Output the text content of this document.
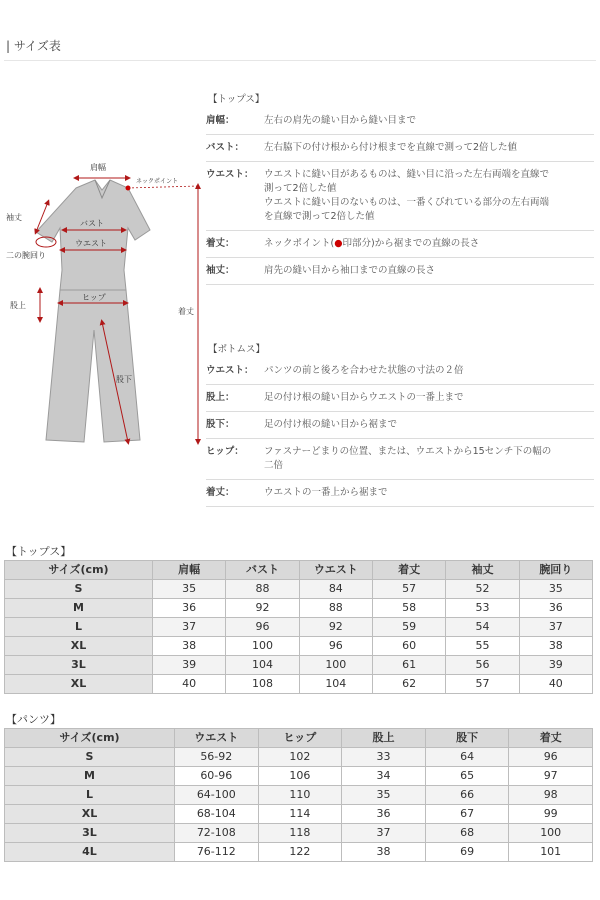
| サイズ表
肩幅
ネックポイント
袖丈
バスト
ウエスト
二の腕回り
股上
ヒップ
着丈
股下
【トップス】
肩幅：	左右の肩先の縫い目から縫い目まで
バスト：	左右脇下の付け根から付け根までを直線で測って2倍した値
ウエスト：	ウエストに縫い目があるものは、縫い目に沿った左右両端を直線で
測って2倍した値
ウエストに縫い目のないものは、一番くびれている部分の左右両端
を直線で測って2倍した値
着丈：	ネックポイント(●印部分)から裾までの直線の長さ
袖丈：	肩先の縫い目から袖口までの直線の長さ
【ボトムス】
ウエスト：	パンツの前と後ろを合わせた状態の寸法の２倍
股上：	足の付け根の縫い目からウエストの一番上まで
股下：	足の付け根の縫い目から裾まで
ヒップ：	ファスナーどまりの位置、または、ウエストから15センチ下の幅の
二倍
着丈：	ウエストの一番上から裾まで
【トップス】
サイズ(cm)	肩幅	バスト	ウエスト	着丈	袖丈	腕回り
S	35	88	84	57	52	35
M	36	92	88	58	53	36
L	37	96	92	59	54	37
XL	38	100	96	60	55	38
3L	39	104	100	61	56	39
XL	40	108	104	62	57	40
【パンツ】
サイズ(cm)	ウエスト	ヒップ	股上	股下	着丈
S	56-92	102	33	64	96
M	60-96	106	34	65	97
L	64-100	110	35	66	98
XL	68-104	114	36	67	99
3L	72-108	118	37	68	100
4L	76-112	122	38	69	101
